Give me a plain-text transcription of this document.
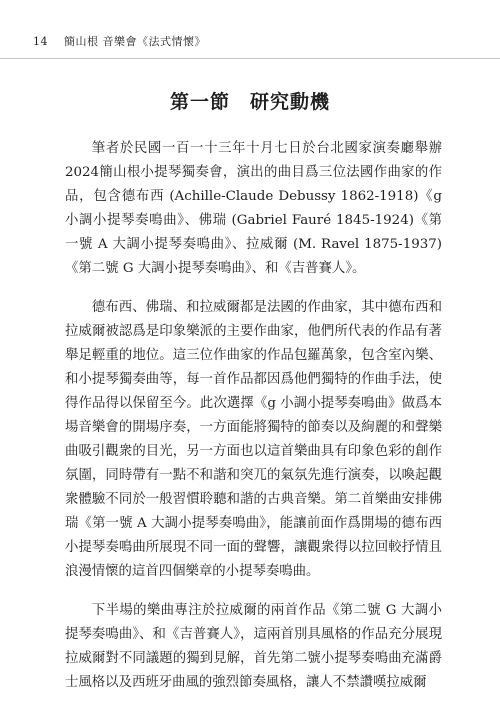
14 簡山根 音樂會《法式情懷》
第一節　研究動機

筆者於民國一百一十三年十月七日於台北國家演奏廳舉辦2024簡山根小提琴獨奏會，演出的曲目爲三位法國作曲家的作品，包含德布西 (Achille-Claude Debussy 1862-1918)《g 小調小提琴奏鳴曲》、佛瑞 (Gabriel Fauré 1845-1924)《第一號 A 大調小提琴奏鳴曲》、拉威爾 (M. Ravel 1875-1937)《第二號 G 大調小提琴奏鳴曲》、和《吉普賽人》。

德布西、佛瑞、和拉威爾都是法國的作曲家，其中德布西和拉威爾被認爲是印象樂派的主要作曲家，他們所代表的作品有著舉足輕重的地位。這三位作曲家的作品包羅萬象，包含室內樂、和小提琴獨奏曲等，每一首作品都因爲他們獨特的作曲手法，使得作品得以保留至今。此次選擇《g 小調小提琴奏鳴曲》做爲本場音樂會的開場序奏，一方面能將獨特的節奏以及絢麗的和聲樂曲吸引觀衆的目光，另一方面也以這首樂曲具有印象色彩的創作氛圍，同時帶有一點不和諧和突兀的氣氛先進行演奏，以喚起觀衆體驗不同於一般習慣聆聽和諧的古典音樂。第二首樂曲安排佛瑞《第一號 A 大調小提琴奏鳴曲》，能讓前面作爲開場的德布西小提琴奏鳴曲所展現不同一面的聲響，讓觀衆得以拉回較抒情且浪漫情懷的這首四個樂章的小提琴奏鳴曲。

下半場的樂曲專注於拉威爾的兩首作品《第二號 G 大調小提琴奏鳴曲》、和《吉普賽人》，這兩首別具風格的作品充分展現拉威爾對不同議題的獨到見解，首先第二號小提琴奏鳴曲充滿爵士風格以及西班牙曲風的強烈節奏風格，讓人不禁讚嘆拉威爾
